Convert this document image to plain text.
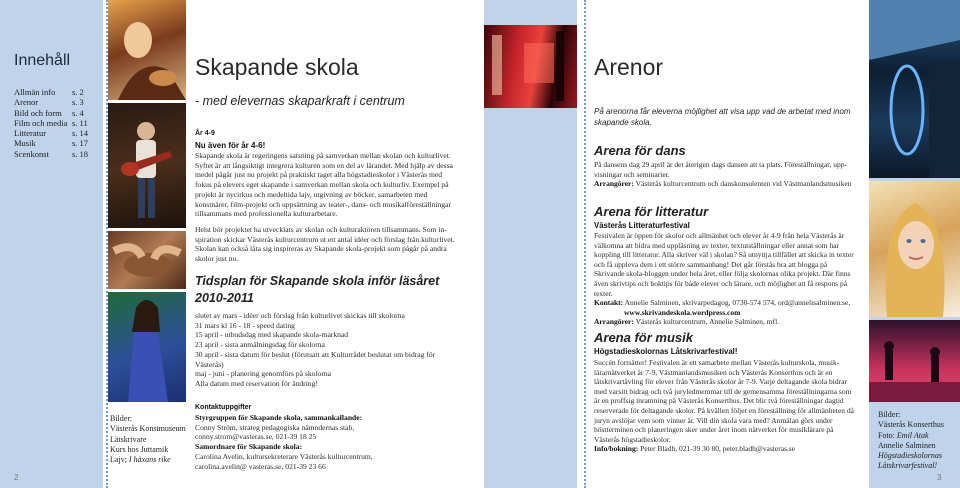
Innehåll
Allmän info	s. 2
Arenor	s. 3
Bild och form	s. 4
Film och media s. 11
Litteratur	s. 14
Musik	s. 17
Scenkonst	s. 18
2
Bilder:
Västerås Konstmuseum
Lätskrivare
Kurs hos Juttamik
Lajv; I häxans rike
Skapande skola
- med elevernas skaparkraft i centrum
År 4-9
Nu även för år 4-6!

Skapande skola är regeringens satsning på samverkan mellan skolan och kulturlivet. Syftet är att långsiktigt integrera kulturen som en del av lärandet. Med hjälp av dessa medel pågår just nu projekt på praktiskt taget alla högstadieskolor i Västerås med fokus på elevers eget skapande i samverkan mellan skola och kulturliv. Exempel på projekt är nycirkus och medeltida lajv, utgivning av böcker, samarbeten med konstnärer, film-projekt och uppsättning av teater-, dans- och musikalföreställningar tillsammans med professionella kulturarbetare.

Helst bör projektet ha utvecklats av skolan och kulturaktören tillsammans. Som in-spiration skickar Västerås kulturcentrum ut ett antal idéer och förslag från kulturlivet. Skolan kan också låta sig inspireras av Skapande skola-projekt som pågår på andra skolor just nu.

Tidsplan för Skapande skola inför läsåret 2010-2011
slutet av mars - idéer och förslag från kulturlivet skickas till skolorna
31 mars kl 16 - 18 - speed dating
15 april - utbudsdag med skapande skola-marknad
23 april - sista anmälningsdag för skolorna
30 april - sista datum för beslut (förutsatt att Kulturrådet beslutat om bidrag för Västerås)
maj - juni - planering genomförs på skolorna
Alla datum med reservation för ändring!
Kontaktuppgifter
Styrgruppen för Skapande skola, sammankallande:
Conny Ström, strateg pedagogiska nämndernas stab,
conny.strom@vasteras.se, 021-39 18 25
Samordnare för Skapande skola:
Carolina Avelin, kultursekreterare Västerås kulturcentrum,
carolina.avelin@ vasteras.se, 021-39 23 66
Arenor

På arenorna får eleverna möjlighet att visa upp vad de arbetat med inom skapande skola.

Arena för dans
På dansens dag 29 april är det återigen dags dansen att ta plats. Föreställningar, upp-visningar och seminarier.
Arrangörer: Västerås kulturcentrum och danskonsulenten vid Västmanlandsmusiken
Arena för litteratur
Västerås Litteraturfestival
Festivalen är öppen för skolor och allmänhet och elever år 4-9 från hela Västerås är välkomna att bidra med uppläsning av texter, textutställningar eller annat som har koppling till litteratur. Alla skriver väl i skolan? Så utnyttja tillfället att skicka in texter och få uppleva dem i ett större sammanhang! Det går förstås bra att blogga på Skrivande skola-bloggen under hela året, eller följa skolornas olika projekt. Där finns även skrivtips och boktips för både elever och lärare, och möjlighet att få respons på texter.
Kontakt: Annelie Salminen, skrivarpedagog, 0730-574 574, ord@annelisalminen.se,

www.skrivandeskola.wordpress.com
Arrangörer: Västerås kulturcentrum, Annelie Salminen, mfl.
Arena för musik
Högstadieskolornas Låtskrivarfestival!
Succén fortsätter! Festivalen är ett samarbete mellan Västerås kulturskola, musik-lärarnätverket år 7-9, Västmanlandsmusiken och Västerås Konserthus och är en låtskrivartävling för elever från Västerås skolor år 7-9. Varje deltagande skola bidrar med varsitt bidrag och två juryledmemmar till de gemensamma föreställningarna som är en proffsig inramning på Västerås Konserthus. Det blir två föreställningar dagtid reserverade för deltagande skolor. På kvällen följer en föreställning för allmänheten då juryn avslöjar vem som vinner år. Vill din skola vara med? Anmälan görs under höstterminen och planeringen sker under året inom nätverket för musiklärare på Västerås högstadieskolor.
Info/bokning: Peter Bladh, 021-39 30 80, peter.bladh@vasteras.se
Bilder:
Västerås Konserthus
Foto: Emil Atak
Annelie Salminen
Högstadieskolornas
Låtskrivarfestival!
3
